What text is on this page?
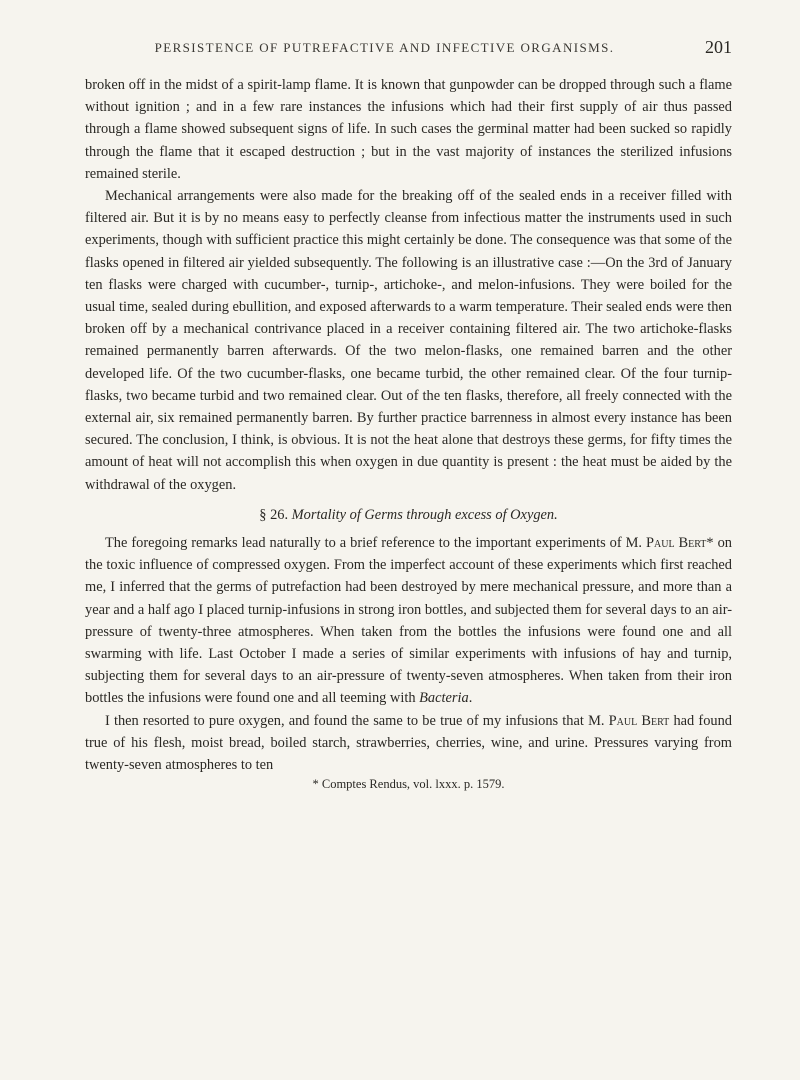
PERSISTENCE OF PUTREFACTIVE AND INFECTIVE ORGANISMS.	201

broken off in the midst of a spirit-lamp flame. It is known that gunpowder can be dropped through such a flame without ignition ; and in a few rare instances the infusions which had their first supply of air thus passed through a flame showed subsequent signs of life. In such cases the germinal matter had been sucked so rapidly through the flame that it escaped destruction ; but in the vast majority of instances the sterilized infusions remained sterile.

Mechanical arrangements were also made for the breaking off of the sealed ends in a receiver filled with filtered air. But it is by no means easy to perfectly cleanse from infectious matter the instruments used in such experiments, though with sufficient practice this might certainly be done. The consequence was that some of the flasks opened in filtered air yielded subsequently. The following is an illustrative case :—On the 3rd of January ten flasks were charged with cucumber-, turnip-, artichoke-, and melon-infusions. They were boiled for the usual time, sealed during ebullition, and exposed afterwards to a warm temperature. Their sealed ends were then broken off by a mechanical contrivance placed in a receiver containing filtered air. The two artichoke-flasks remained permanently barren afterwards. Of the two melon-flasks, one remained barren and the other developed life. Of the two cucumber-flasks, one became turbid, the other remained clear. Of the four turnip-flasks, two became turbid and two remained clear. Out of the ten flasks, therefore, all freely connected with the external air, six remained permanently barren. By further practice barrenness in almost every instance has been secured. The conclusion, I think, is obvious. It is not the heat alone that destroys these germs, for fifty times the amount of heat will not accomplish this when oxygen in due quantity is present : the heat must be aided by the withdrawal of the oxygen.

§ 26. Mortality of Germs through excess of Oxygen.

The foregoing remarks lead naturally to a brief reference to the important experiments of M. Paul Bert* on the toxic influence of compressed oxygen. From the imperfect account of these experiments which first reached me, I inferred that the germs of putrefaction had been destroyed by mere mechanical pressure, and more than a year and a half ago I placed turnip-infusions in strong iron bottles, and subjected them for several days to an air-pressure of twenty-three atmospheres. When taken from the bottles the infusions were found one and all swarming with life. Last October I made a series of similar experiments with infusions of hay and turnip, subjecting them for several days to an air-pressure of twenty-seven atmospheres. When taken from their iron bottles the infusions were found one and all teeming with Bacteria.

I then resorted to pure oxygen, and found the same to be true of my infusions that M. Paul Bert had found true of his flesh, moist bread, boiled starch, strawberries, cherries, wine, and urine. Pressures varying from twenty-seven atmospheres to ten

* Comptes Rendus, vol. lxxx. p. 1579.
